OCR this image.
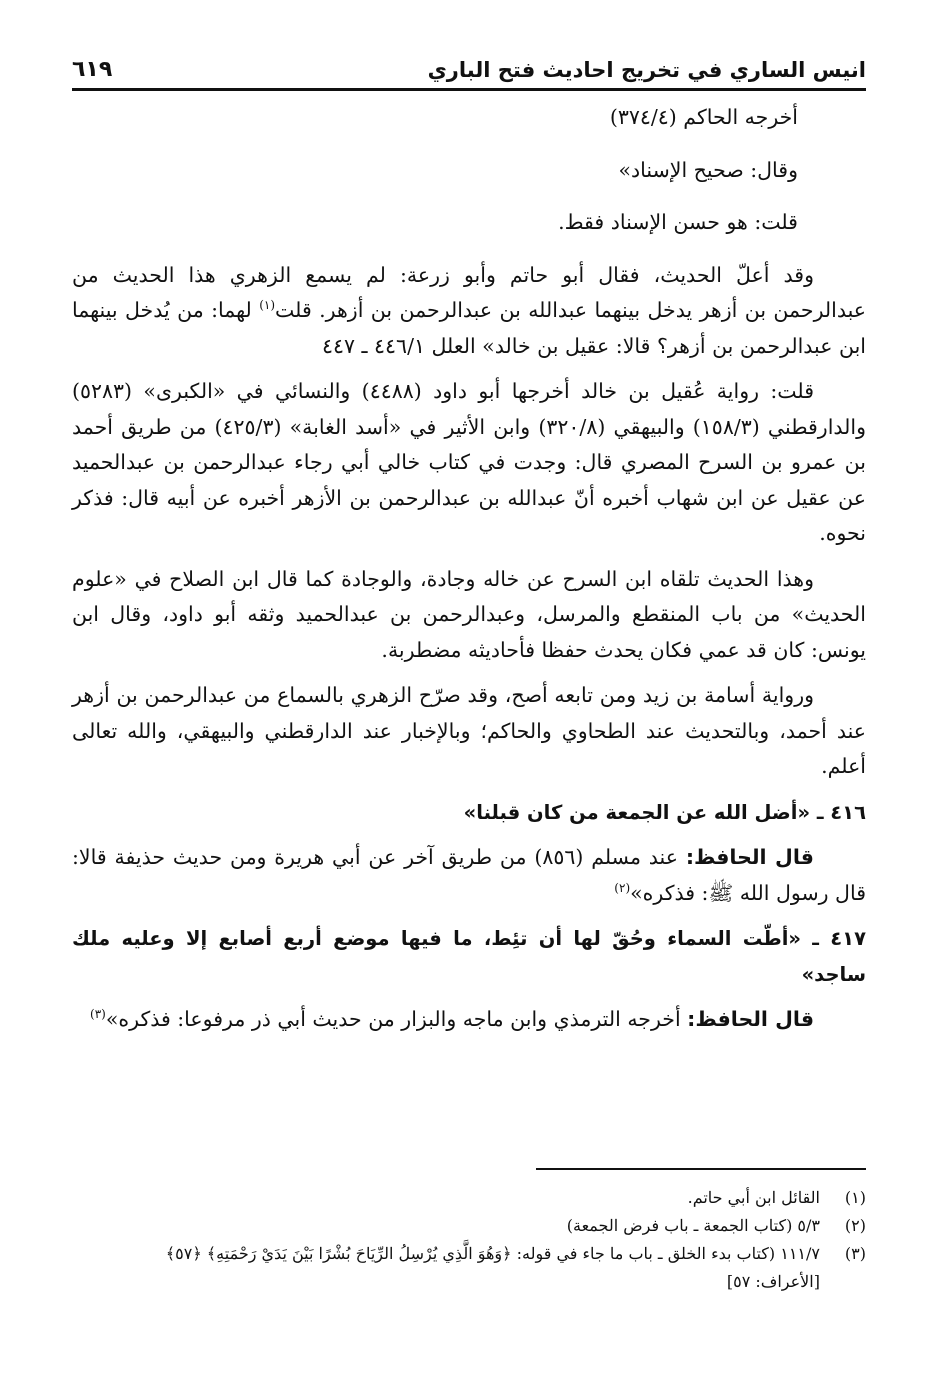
انيس الساري في تخريج احاديث فتح الباري
٦١٩

أخرجه الحاكم (٣٧٤/٤)

وقال: صحيح الإسناد»

قلت: هو حسن الإسناد فقط.

وقد أعلّ الحديث، فقال أبو حاتم وأبو زرعة: لم يسمع الزهري هذا الحديث من عبدالرحمن بن أزهر يدخل بينهما عبدالله بن عبدالرحمن بن أزهر. قلت$^{(١)}$ لهما: من يُدخل بينهما ابن عبدالرحمن بن أزهر؟ قالا: عقيل بن خالد» العلل ٤٤٦/١ ـ ٤٤٧

قلت: رواية عُقيل بن خالد أخرجها أبو داود (٤٤٨٨) والنسائي في «الكبرى» (٥٢٨٣) والدارقطني (١٥٨/٣) والبيهقي (٣٢٠/٨) وابن الأثير في «أسد الغابة» (٤٢٥/٣) من طريق أحمد بن عمرو بن السرح المصري قال: وجدت في كتاب خالي أبي رجاء عبدالرحمن بن عبدالحميد عن عقيل عن ابن شهاب أخبره أنّ عبدالله بن عبدالرحمن بن الأزهر أخبره عن أبيه قال: فذكر نحوه.

وهذا الحديث تلقاه ابن السرح عن خاله وجادة، والوجادة كما قال ابن الصلاح في «علوم الحديث» من باب المنقطع والمرسل، وعبدالرحمن بن عبدالحميد وثقه أبو داود، وقال ابن يونس: كان قد عمي فكان يحدث حفظا فأحاديثه مضطربة.

ورواية أسامة بن زيد ومن تابعه أصح، وقد صرّح الزهري بالسماع من عبدالرحمن بن أزهر عند أحمد، وبالتحديث عند الطحاوي والحاكم؛ وبالإخبار عند الدارقطني والبيهقي، والله تعالى أعلم.

٤١٦ ـ «أضل الله عن الجمعة من كان قبلنا»

قال الحافظ: عند مسلم (٨٥٦) من طريق آخر عن أبي هريرة ومن حديث حذيفة قالا: قال رسول الله ﷺ: فذكره»$^{(٢)}$

٤١٧ ـ «أطّت السماء وحُقّ لها أن تئِط، ما فيها موضع أربع أصابع إلا وعليه ملك ساجد»

قال الحافظ: أخرجه الترمذي وابن ماجه والبزار من حديث أبي ذر مرفوعا: فذكره»$^{(٣)}$

(١)
القائل ابن أبي حاتم.
(٢)
٥/٣ (كتاب الجمعة ـ باب فرض الجمعة)
(٣)
١١١/٧ (كتاب بدء الخلق ـ باب ما جاء في قوله: ﴿وَهُوَ الَّذِي يُرْسِلُ الرِّيَاحَ بُشْرًا بَيْنَ يَدَيْ رَحْمَتِهِ﴾ ﴿٥٧﴾
[الأعراف: ٥٧]
